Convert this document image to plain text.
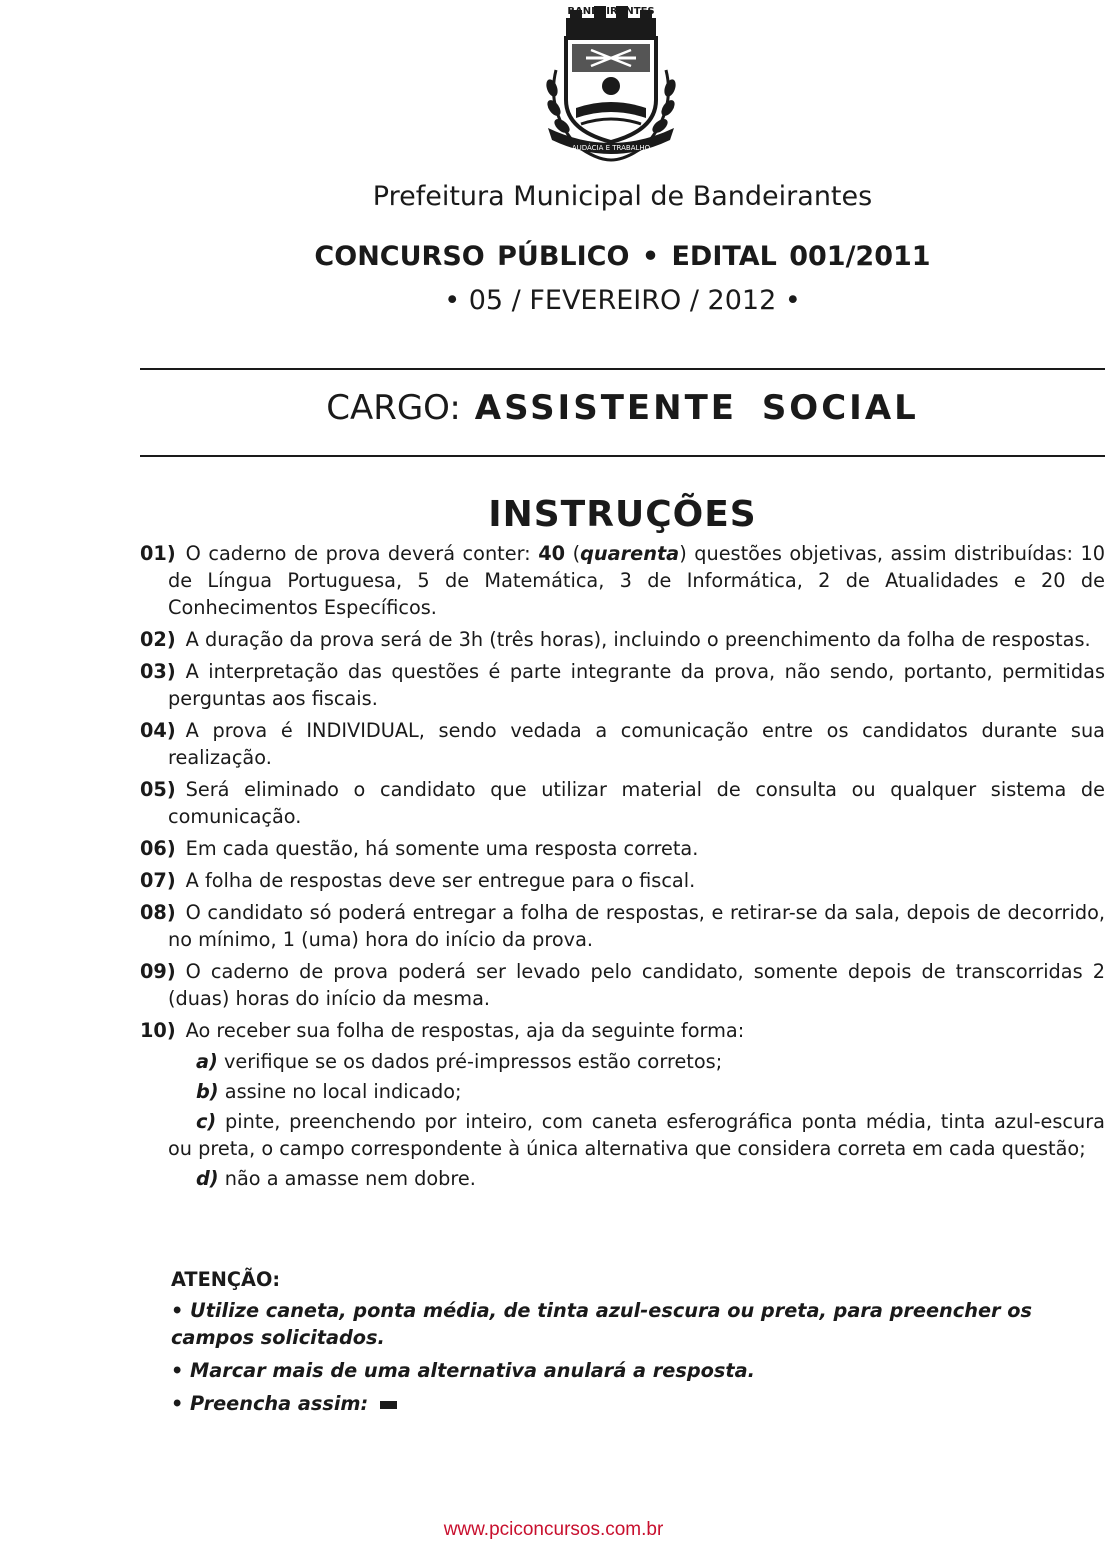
BANDEIRANTES
AUDÁCIA E TRABALHO
Prefeitura Municipal de Bandeirantes
CONCURSO PÚBLICO • EDITAL 001/2011
• 05 / FEVEREIRO / 2012 •
CARGO: ASSISTENTE SOCIAL
INSTRUÇÕES
01) O caderno de prova deverá conter: 40 (quarenta) questões objetivas, assim distribuídas: 10 de Língua Portuguesa, 5 de Matemática, 3 de Informática, 2 de Atualidades e 20 de Conhecimentos Específicos.
02) A duração da prova será de 3h (três horas), incluindo o preenchimento da folha de respostas.
03) A interpretação das questões é parte integrante da prova, não sendo, portanto, permitidas perguntas aos fiscais.
04) A prova é INDIVIDUAL, sendo vedada a comunicação entre os candidatos durante sua realização.
05) Será eliminado o candidato que utilizar material de consulta ou qualquer sistema de comunicação.
06) Em cada questão, há somente uma resposta correta.
07) A folha de respostas deve ser entregue para o fiscal.
08) O candidato só poderá entregar a folha de respostas, e retirar-se da sala, depois de decorrido, no mínimo, 1 (uma) hora do início da prova.
09) O caderno de prova poderá ser levado pelo candidato, somente depois de transcorridas 2 (duas) horas do início da mesma.
10) Ao receber sua folha de respostas, aja da seguinte forma:
a) verifique se os dados pré-impressos estão corretos;
b) assine no local indicado;
c) pinte, preenchendo por inteiro, com caneta esferográfica ponta média, tinta azul-escura ou preta, o campo correspondente à única alternativa que considera correta em cada questão;
d) não a amasse nem dobre.
ATENÇÃO:
• Utilize caneta, ponta média, de tinta azul-escura ou preta, para preencher os campos solicitados.
• Marcar mais de uma alternativa anulará a resposta.
• Preencha assim:
www.pciconcursos.com.br
